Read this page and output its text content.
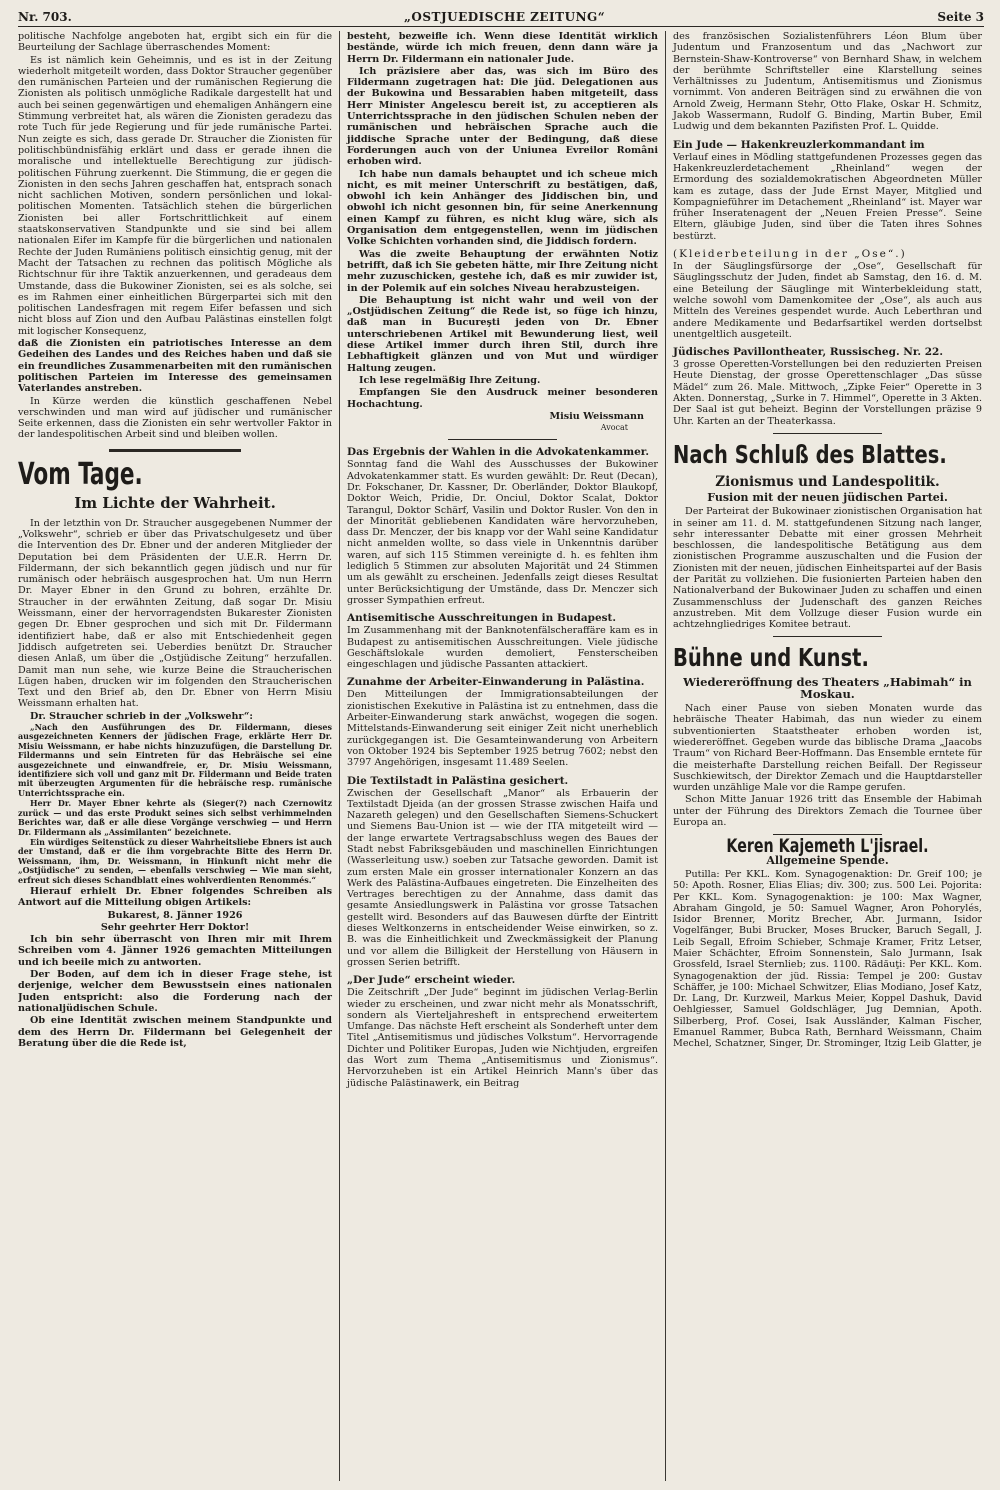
Nr. 703.	„OSTJUEDISCHE ZEITUNG“	Seite 3

politische Nachfolge angeboten hat, ergibt sich ein für die Beurteilung der Sachlage überraschendes Moment:

Es ist nämlich kein Geheimnis, und es ist in der Zeitung wiederholt mitgeteilt worden, dass Doktor Straucher gegenüber den rumänischen Parteien und der rumänischen Regierung die Zionisten als politisch unmögliche Radikale dargestellt hat und auch bei seinen gegenwärtigen und ehemaligen Anhängern eine Stimmung verbreitet hat, als wären die Zionisten geradezu das rote Tuch für jede Regierung und für jede rumänische Partei. Nun zeigte es sich, dass gerade Dr. Straucher die Zionisten für politischbündnisfähig erklärt und dass er gerade ihnen die moralische und intellektuelle Berechtigung zur jüdisch-politischen Führung zuerkennt. Die Stimmung, die er gegen die Zionisten in den sechs Jahren geschaffen hat, entsprach sonach nicht sachlichen Motiven, sondern persönlichen und lokal-politischen Momenten. Tatsächlich stehen die bürgerlichen Zionisten bei aller Fortschrittlichkeit auf einem staatskonservativen Standpunkte und sie sind bei allem nationalen Eifer im Kampfe für die bürgerlichen und nationalen Rechte der Juden Rumäniens politisch einsichtig genug, mit der Macht der Tatsachen zu rechnen das politisch Mögliche als Richtschnur für ihre Taktik anzuerkennen, und geradeaus dem Umstande, dass die Bukowiner Zionisten, sei es als solche, sei es im Rahmen einer einheitlichen Bürgerpartei sich mit den politischen Landesfragen mit regem Eifer befassen und sich nicht bloss auf Zion und den Aufbau Palästinas einstellen folgt mit logischer Konsequenz,

daß die Zionisten ein patriotisches Interesse an dem Gedeihen des Landes und des Reiches haben und daß sie ein freundliches Zusammenarbeiten mit den rumänischen politischen Parteien im Interesse des gemeinsamen Vaterlandes anstreben.

In Kürze werden die künstlich geschaffenen Nebel verschwinden und man wird auf jüdischer und rumänischer Seite erkennen, dass die Zionisten ein sehr wertvoller Faktor in der landespolitischen Arbeit sind und bleiben wollen.

Vom Tage.
Im Lichte der Wahrheit.

In der letzthin von Dr. Straucher ausgegebenen Nummer der „Volkswehr“, schrieb er über das Privatschulgesetz und über die Intervention des Dr. Ebner und der anderen Mitglieder der Deputation bei dem Präsidenten der U.E.R. Herrn Dr. Fildermann, der sich bekanntlich gegen jüdisch und nur für rumänisch oder hebräisch ausgesprochen hat. Um nun Herrn Dr. Mayer Ebner in den Grund zu bohren, erzählte Dr. Straucher in der erwähnten Zeitung, daß sogar Dr. Misiu Weissmann, einer der hervorragendsten Bukarester Zionisten gegen Dr. Ebner gesprochen und sich mit Dr. Fildermann identifiziert habe, daß er also mit Entschiedenheit gegen Jiddisch aufgetreten sei. Ueberdies benützt Dr. Straucher diesen Anlaß, um über die „Ostjüdische Zeitung“ herzufallen. Damit man nun sehe, wie kurze Beine die Straucherischen Lügen haben, drucken wir im folgenden den Straucherischen Text und den Brief ab, den Dr. Ebner von Herrn Misiu Weissmann erhalten hat.

Dr. Straucher schrieb in der „Volkswehr“:

„Nach den Ausführungen des Dr. Fildermann, dieses ausgezeichneten Kenners der jüdischen Frage, erklärte Herr Dr. Misiu Weissmann, er habe nichts hinzuzufügen, die Darstellung Dr. Fildermanns und sein Eintreten für das Hebräische sei eine ausgezeichnete und einwandfreie, er, Dr. Misiu Weissmann, identifiziere sich voll und ganz mit Dr. Fildermann und Beide traten mit überzeugten Argumenten für die hebräische resp. rumänische Unterrichtssprache ein.

Herr Dr. Mayer Ebner kehrte als (Sieger(?) nach Czernowitz zurück — und das erste Produkt seines sich selbst verhimmelnden Berichtes war, daß er alle diese Vorgänge verschwieg — und Herrn Dr. Fildermann als „Assimilanten“ bezeichnete.

Ein würdiges Seitenstück zu dieser Wahrheitsliebe Ebners ist auch der Umstand, daß er die ihm vorgebrachte Bitte des Herrn Dr. Weissmann, ihm, Dr. Weissmann, in Hinkunft nicht mehr die „Ostjüdische“ zu senden, — ebenfalls verschwieg — Wie man sieht, erfreut sich dieses Schandblatt eines wohlverdienten Renommés.“

Hierauf erhielt Dr. Ebner folgendes Schreiben als Antwort auf die Mitteilung obigen Artikels:

Bukarest, 8. Jänner 1926

Sehr geehrter Herr Doktor!

Ich bin sehr überrascht von Ihren mir mit Ihrem Schreiben vom 4. Jänner 1926 gemachten Mitteilungen und ich beeile mich zu antworten.

Der Boden, auf dem ich in dieser Frage stehe, ist derjenige, welcher dem Bewusstsein eines nationalen Juden entspricht: also die Forderung nach der nationaljüdischen Schule.

Ob eine Identität zwischen meinem Standpunkte und dem des Herrn Dr. Fildermann bei Gelegenheit der Beratung über die die Rede ist,

besteht, bezweifle ich. Wenn diese Identität wirklich bestände, würde ich mich freuen, denn dann wäre ja Herrn Dr. Fildermann ein nationaler Jude.

Ich präzisiere aber das, was sich im Büro des Fildermann zugetragen hat: Die jüd. Delegationen aus der Bukowina und Bessarabien haben mitgeteilt, dass Herr Minister Angelescu bereit ist, zu acceptieren als Unterrichtssprache in den jüdischen Schulen neben der rumänischen und hebräischen Sprache auch die jiddische Sprache unter der Bedingung, daß diese Forderungen auch von der Uniunea Evreilor Români erhoben wird.

Ich habe nun damals behauptet und ich scheue mich nicht, es mit meiner Unterschrift zu bestätigen, daß, obwohl ich kein Anhänger des Jiddischen bin, und obwohl ich nicht gesonnen bin, für seine Anerkennung einen Kampf zu führen, es nicht klug wäre, sich als Organisation dem entgegenstellen, wenn im jüdischen Volke Schichten vorhanden sind, die Jiddisch fordern.

Was die zweite Behauptung der erwähnten Notiz betrifft, daß ich Sie gebeten hätte, mir Ihre Zeitung nicht mehr zuzuschicken, gestehe ich, daß es mir zuwider ist, in der Polemik auf ein solches Niveau herabzusteigen.

Die Behauptung ist nicht wahr und weil von der „Ostjüdischen Zeitung“ die Rede ist, so füge ich hinzu, daß man in Bucureşti jeden von Dr. Ebner unterschriebenen Artikel mit Bewunderung liest, weil diese Artikel immer durch ihren Stil, durch ihre Lebhaftigkeit glänzen und von Mut und würdiger Haltung zeugen.

Ich lese regelmäßig Ihre Zeitung.

Empfangen Sie den Ausdruck meiner besonderen Hochachtung.

Misiu Weissmann
Avocat
Das Ergebnis der Wahlen in die Advokatenkammer.

Sonntag fand die Wahl des Ausschusses der Bukowiner Advokatenkammer statt. Es wurden gewählt: Dr. Reut (Decan), Dr. Fokschaner, Dr. Kassner, Dr. Oberländer, Doktor Blaukopf, Doktor Weich, Pridie, Dr. Onciul, Doktor Scalat, Doktor Tarangul, Doktor Schärf, Vasilin und Doktor Rusler. Von den in der Minorität gebliebenen Kandidaten wäre hervorzuheben, dass Dr. Menczer, der bis knapp vor der Wahl seine Kandidatur nicht anmelden wollte, so dass viele in Unkenntnis darüber waren, auf sich 115 Stimmen vereinigte d. h. es fehlten ihm lediglich 5 Stimmen zur absoluten Majorität und 24 Stimmen um als gewählt zu erscheinen. Jedenfalls zeigt dieses Resultat unter Berücksichtigung der Umstände, dass Dr. Menczer sich grosser Sympathien erfreut.

Antisemitische Ausschreitungen in Budapest.

Im Zusammenhang mit der Banknotenfälscheraffäre kam es in Budapest zu antisemitischen Ausschreitungen. Viele jüdische Geschäftslokale wurden demoliert, Fensterscheiben eingeschlagen und jüdische Passanten attackiert.

Zunahme der Arbeiter-Einwanderung in Palästina.

Den Mitteilungen der Immigrationsabteilungen der zionistischen Exekutive in Palästina ist zu entnehmen, dass die Arbeiter-Einwanderung stark anwächst, wogegen die sogen. Mittelstands-Einwanderung seit einiger Zeit nicht unerheblich zurückgegangen ist. Die Gesamteinwanderung von Arbeitern von Oktober 1924 bis September 1925 betrug 7602; nebst den 3797 Angehörigen, insgesamt 11.489 Seelen.

Die Textilstadt in Palästina gesichert.

Zwischen der Gesellschaft „Manor“ als Erbauerin der Textilstadt Djeida (an der grossen Strasse zwischen Haifa und Nazareth gelegen) und den Gesellschaften Siemens-Schuckert und Siemens Bau-Union ist — wie der ITA mitgeteilt wird — der lange erwartete Vertragsabschluss wegen des Baues der Stadt nebst Fabriksgebäuden und maschinellen Einrichtungen (Wasserleitung usw.) soeben zur Tatsache geworden. Damit ist zum ersten Male ein grosser internationaler Konzern an das Werk des Palästina-Aufbaues eingetreten. Die Einzelheiten des Vertrages berechtigen zu der Annahme, dass damit das gesamte Ansiedlungswerk in Palästina vor grosse Tatsachen gestellt wird. Besonders auf das Bauwesen dürfte der Eintritt dieses Weltkonzerns in entscheidender Weise einwirken, so z. B. was die Einheitlichkeit und Zweckmässigkeit der Planung und vor allem die Billigkeit der Herstellung von Häusern in grossen Serien betrifft.

„Der Jude“ erscheint wieder.

Die Zeitschrift „Der Jude“ beginnt im jüdischen Verlag-Berlin wieder zu erscheinen, und zwar nicht mehr als Monatsschrift, sondern als Vierteljahresheft in entsprechend erweitertem Umfange. Das nächste Heft erscheint als Sonderheft unter dem Titel „Antisemitismus und jüdisches Volkstum“. Hervorragende Dichter und Politiker Europas, Juden wie Nichtjuden, ergreifen das Wort zum Thema „Antisemitismus und Zionismus“. Hervorzuheben ist ein Artikel Heinrich Mann's über das jüdische Palästinawerk, ein Beitrag

des französischen Sozialistenführers Léon Blum über Judentum und Franzosentum und das „Nachwort zur Bernstein-Shaw-Kontroverse“ von Bernhard Shaw, in welchem der berühmte Schriftsteller eine Klarstellung seines Verhältnisses zu Judentum, Antisemitismus und Zionismus vornimmt. Von anderen Beiträgen sind zu erwähnen die von Arnold Zweig, Hermann Stehr, Otto Flake, Oskar H. Schmitz, Jakob Wassermann, Rudolf G. Binding, Martin Buber, Emil Ludwig und dem bekannten Pazifisten Prof. L. Quidde.

Ein Jude — Hakenkreuzlerkommandant im

Verlauf eines in Mödling stattgefundenen Prozesses gegen das Hakenkreuzlerdetachement „Rheinland“ wegen der Ermordung des sozialdemokratischen Abgeordneten Müller kam es zutage, dass der Jude Ernst Mayer, Mitglied und Kompagnieführer im Detachement „Rheinland“ ist. Mayer war früher Inseratenagent der „Neuen Freien Presse“. Seine Eltern, gläubige Juden, sind über die Taten ihres Sohnes bestürzt.

(Kleiderbeteilung in der „Ose“.)

In der Säuglingsfürsorge der „Ose“, Gesellschaft für Säuglingsschutz der Juden, findet ab Samstag, den 16. d. M. eine Beteilung der Säuglinge mit Winterbekleidung statt, welche sowohl vom Damenkomitee der „Ose“, als auch aus Mitteln des Vereines gespendet wurde. Auch Leberthran und andere Medikamente und Bedarfsartikel werden dortselbst unentgeltlich ausgeteilt.

Jüdisches Pavillontheater, Russischeg. Nr. 22.

3 grosse Operetten-Vorstellungen bei den reduzierten Preisen Heute Dienstag, der grosse Operettenschlager „Das süsse Mädel“ zum 26. Male. Mittwoch, „Zipke Feier“ Operette in 3 Akten. Donnerstag, „Surke in 7. Himmel“, Operette in 3 Akten. Der Saal ist gut beheizt. Beginn der Vorstellungen präzise 9 Uhr. Karten an der Theaterkassa.

Nach Schluß des Blattes.
Zionismus und Landespolitik.
Fusion mit der neuen jüdischen Partei.

Der Parteirat der Bukowinaer zionistischen Organisation hat in seiner am 11. d. M. stattgefundenen Sitzung nach langer, sehr interessanter Debatte mit einer grossen Mehrheit beschlossen, die landespolitische Betätigung aus dem zionistischen Programme auszuschalten und die Fusion der Zionisten mit der neuen, jüdischen Einheitspartei auf der Basis der Parität zu vollziehen. Die fusionierten Parteien haben den Nationalverband der Bukowinaer Juden zu schaffen und einen Zusammenschluss der Judenschaft des ganzen Reiches anzustreben. Mit dem Vollzuge dieser Fusion wurde ein achtzehngliedriges Komitee betraut.

Bühne und Kunst.
Wiedereröffnung des Theaters „Habimah“ in Moskau.

Nach einer Pause von sieben Monaten wurde das hebräische Theater Habimah, das nun wieder zu einem subventionierten Staatstheater erhoben worden ist, wiedereröffnet. Gegeben wurde das biblische Drama „Jaacobs Traum“ von Richard Beer-Hoffmann. Das Ensemble erntete für die meisterhafte Darstellung reichen Beifall. Der Regisseur Suschkiewitsch, der Direktor Zemach und die Hauptdarsteller wurden unzählige Male vor die Rampe gerufen.

Schon Mitte Januar 1926 tritt das Ensemble der Habimah unter der Führung des Direktors Zemach die Tournee über Europa an.

Keren Kajemeth L'jisrael.
Allgemeine Spende.

Putilla: Per KKL. Kom. Synagogenaktion: Dr. Greif 100; je 50: Apoth. Rosner, Elias Elias; div. 300; zus. 500 Lei. Pojorita: Per KKL. Kom. Synagogenaktion: je 100: Max Wagner, Abraham Gingold, je 50: Samuel Wagner, Aron Pohorylés, Isidor Brenner, Moritz Brecher, Abr. Jurmann, Isidor Vogelfänger, Bubi Brucker, Moses Brucker, Baruch Segall, J. Leib Segall, Efroim Schieber, Schmaje Kramer, Fritz Letser, Maier Schächter, Efroim Sonnenstein, Salo Jurmann, Isak Grossfeld, Israel Sternlieb; zus. 1100. Rădăuţi: Per KKL. Kom. Synagogenaktion der jüd. Rissia: Tempel je 200: Gustav Schäffer, je 100: Michael Schwitzer, Elias Modiano, Josef Katz, Dr. Lang, Dr. Kurzweil, Markus Meier, Koppel Dashuk, David Oehlgiesser, Samuel Goldschläger, Jug Demnian, Apoth. Silberberg, Prof. Cosei, Isak Aussländer, Kalman Fischer, Emanuel Rammer, Bubca Rath, Bernhard Weissmann, Chaim Mechel, Schatzner, Singer, Dr. Strominger, Itzig Leib Glatter, je
